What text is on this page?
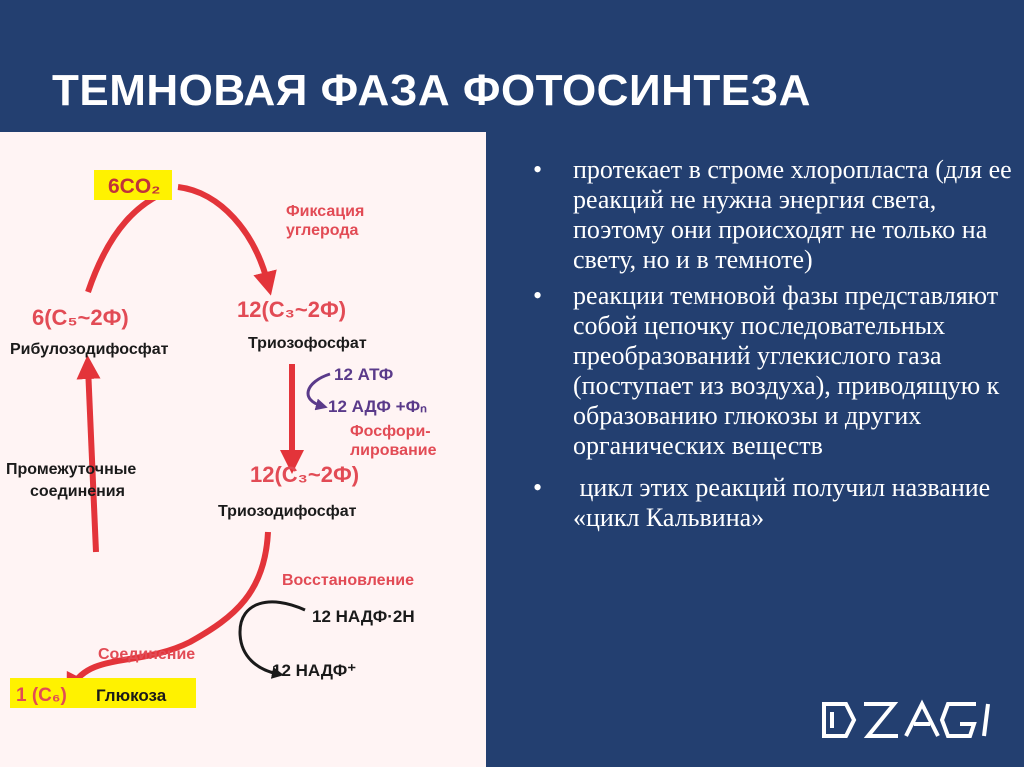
ТЕМНОВАЯ ФАЗА ФОТОСИНТЕЗА
6CO₂
Фиксация
углерода
6(C₅~2Ф)
Рибулозодифосфат
12(C₃~2Ф)
Триозофосфат
12 АТФ
12 АДФ +Фₙ
Фосфори-
лирование
Промежуточные
соединения
12(C₃~2Ф)
Триозодифосфат
Восстановление
12 НАДФ·2Н
Соединение
12 НАДФ⁺
1 (C₆) Глюкоза
• протекает в строме хлоропласта (для ее реакций не нужна энергия света, поэтому они происходят не только на свету, но и в темноте)
• реакции темновой фазы представляют собой цепочку последовательных преобразований углекислого газа (поступает из воздуха), приводящую к образованию глюкозы и других органических веществ
• цикл этих реакций получил название «цикл Кальвина»
